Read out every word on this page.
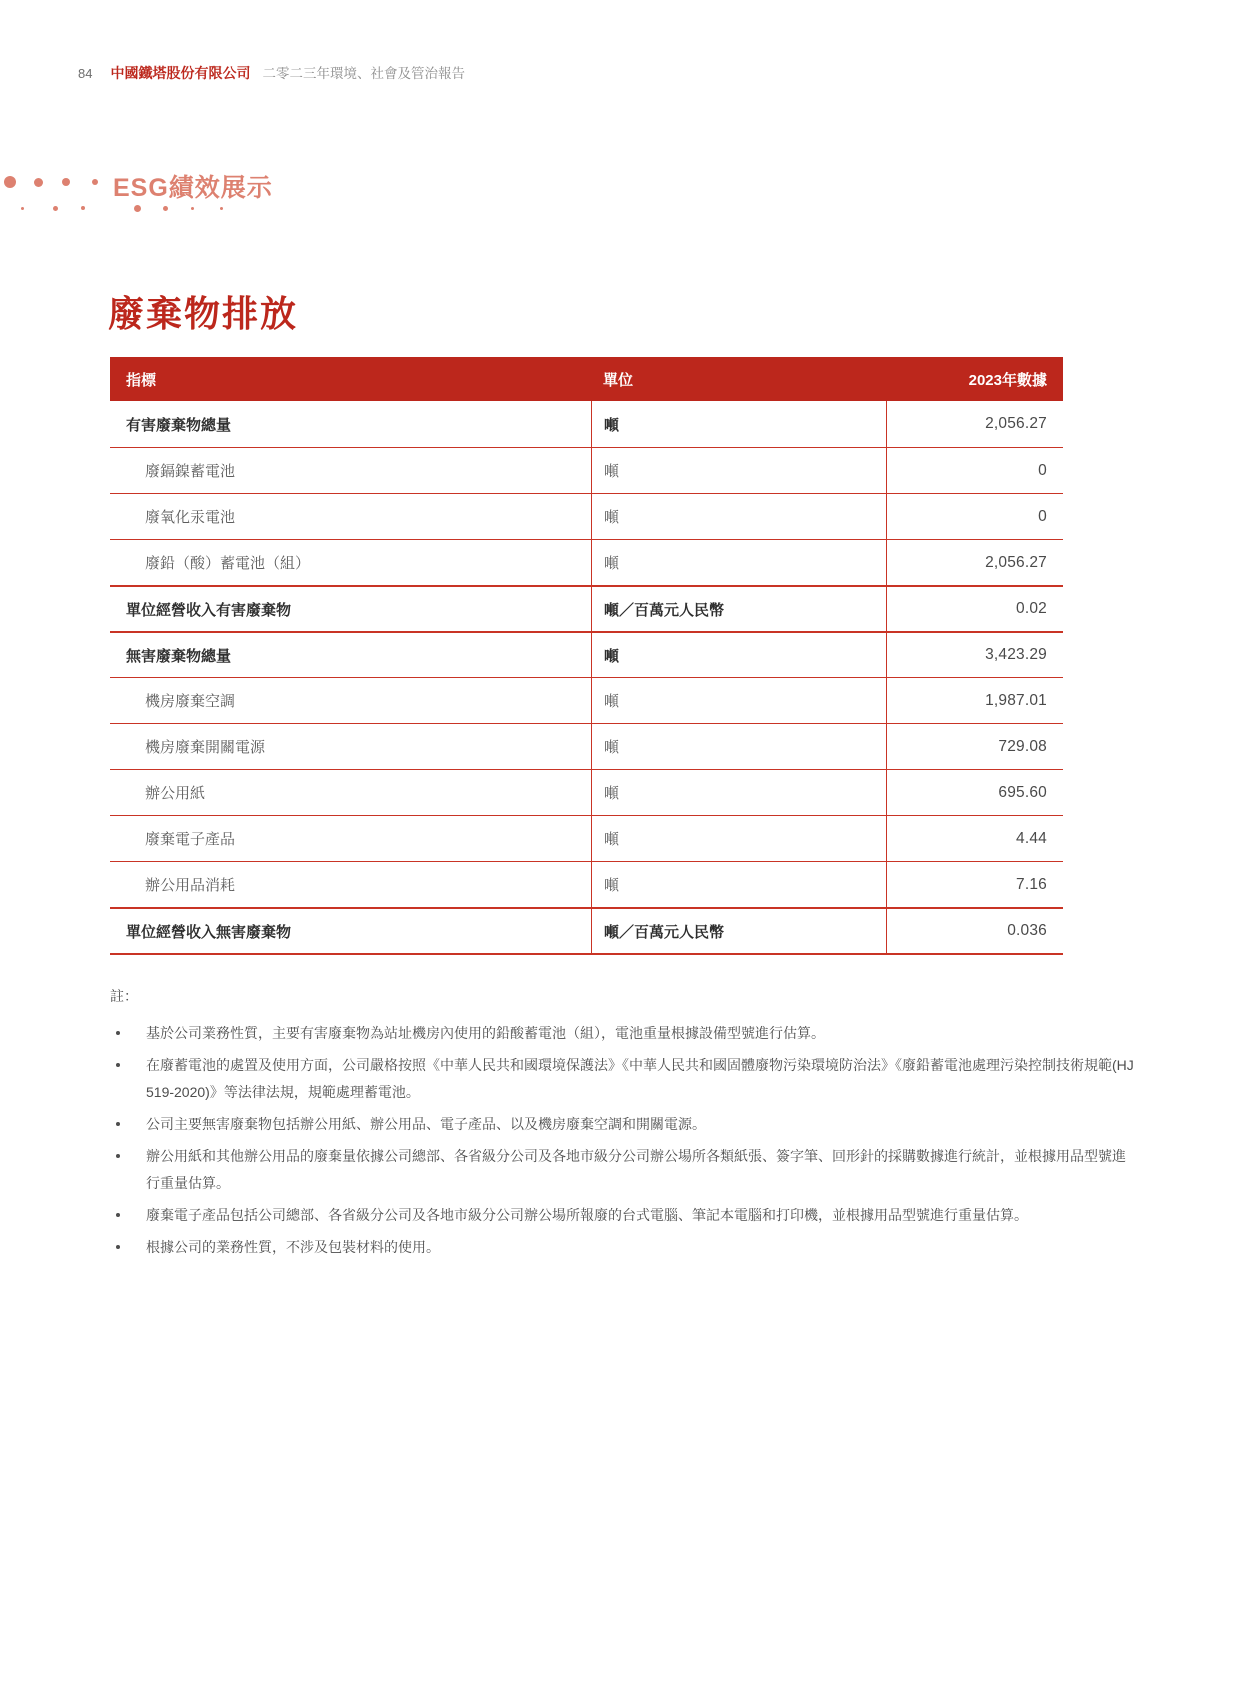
84 中國鐵塔股份有限公司 二零二三年環境、社會及管治報告
ESG績效展示
廢棄物排放
指標	單位	2023年數據
有害廢棄物總量	噸	2,056.27
廢鎘鎳蓄電池	噸	0
廢氧化汞電池	噸	0
廢鉛（酸）蓄電池（組）	噸	2,056.27
單位經營收入有害廢棄物	噸／百萬元人民幣	0.02
無害廢棄物總量	噸	3,423.29
機房廢棄空調	噸	1,987.01
機房廢棄開關電源	噸	729.08
辦公用紙	噸	695.60
廢棄電子產品	噸	4.44
辦公用品消耗	噸	7.16
單位經營收入無害廢棄物	噸／百萬元人民幣	0.036
註：
基於公司業務性質，主要有害廢棄物為站址機房內使用的鉛酸蓄電池（組），電池重量根據設備型號進行估算。
在廢蓄電池的處置及使用方面，公司嚴格按照《中華人民共和國環境保護法》《中華人民共和國固體廢物污染環境防治法》《廢鉛蓄電池處理污染控制技術規範(HJ 519-2020)》等法律法規，規範處理蓄電池。
公司主要無害廢棄物包括辦公用紙、辦公用品、電子產品、以及機房廢棄空調和開關電源。
辦公用紙和其他辦公用品的廢棄量依據公司總部、各省級分公司及各地市級分公司辦公場所各類紙張、簽字筆、回形針的採購數據進行統計，並根據用品型號進行重量估算。
廢棄電子產品包括公司總部、各省級分公司及各地市級分公司辦公場所報廢的台式電腦、筆記本電腦和打印機，並根據用品型號進行重量估算。
根據公司的業務性質，不涉及包裝材料的使用。
